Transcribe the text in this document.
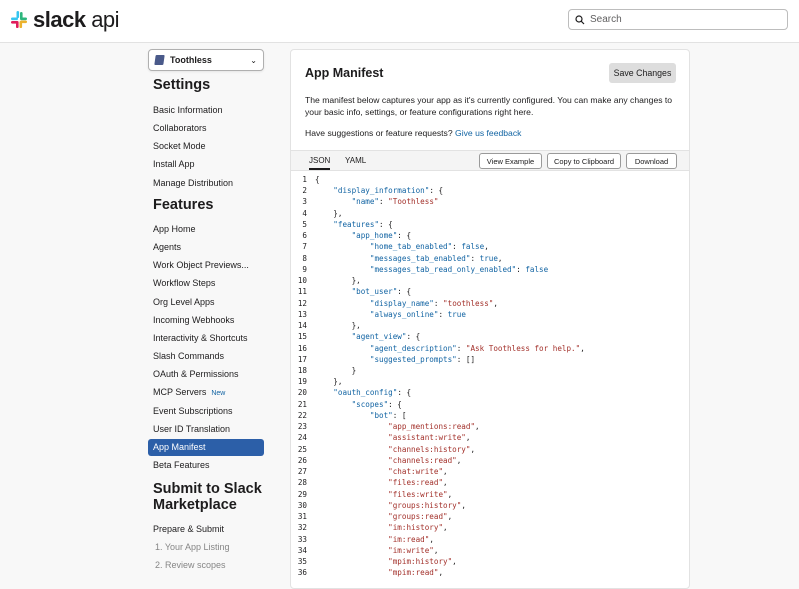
slack api
Search
Toothless	⌄
Settings
Basic Information
Collaborators
Socket Mode
Install App
Manage Distribution
Features
App Home
Agents
Work Object Previews...
Workflow Steps
Org Level Apps
Incoming Webhooks
Interactivity & Shortcuts
Slash Commands
OAuth & Permissions
MCP Servers New
Event Subscriptions
User ID Translation
App Manifest
Beta Features
Submit to Slack Marketplace
Prepare & Submit
1. Your App Listing
2. Review scopes
App Manifest	Save Changes
The manifest below captures your app as it's currently configured. You can make any changes to your basic info, settings, or feature configurations right here.
Have suggestions or feature requests? Give us feedback
JSON YAML	View Example	Copy to Clipboard	Download
1	{
2	"display_information": {
3	"name": "Toothless"
4	},
5	"features": {
6	"app_home": {
7	"home_tab_enabled": false,
8	"messages_tab_enabled": true,
9	"messages_tab_read_only_enabled": false
10	},
11	"bot_user": {
12	"display_name": "toothless",
13	"always_online": true
14	},
15	"agent_view": {
16	"agent_description": "Ask Toothless for help.",
17	"suggested_prompts": []
18	}
19	},
20	"oauth_config": {
21	"scopes": {
22	"bot": [
23	"app_mentions:read",
24	"assistant:write",
25	"channels:history",
26	"channels:read",
27	"chat:write",
28	"files:read",
29	"files:write",
30	"groups:history",
31	"groups:read",
32	"im:history",
33	"im:read",
34	"im:write",
35	"mpim:history",
36	"mpim:read",
